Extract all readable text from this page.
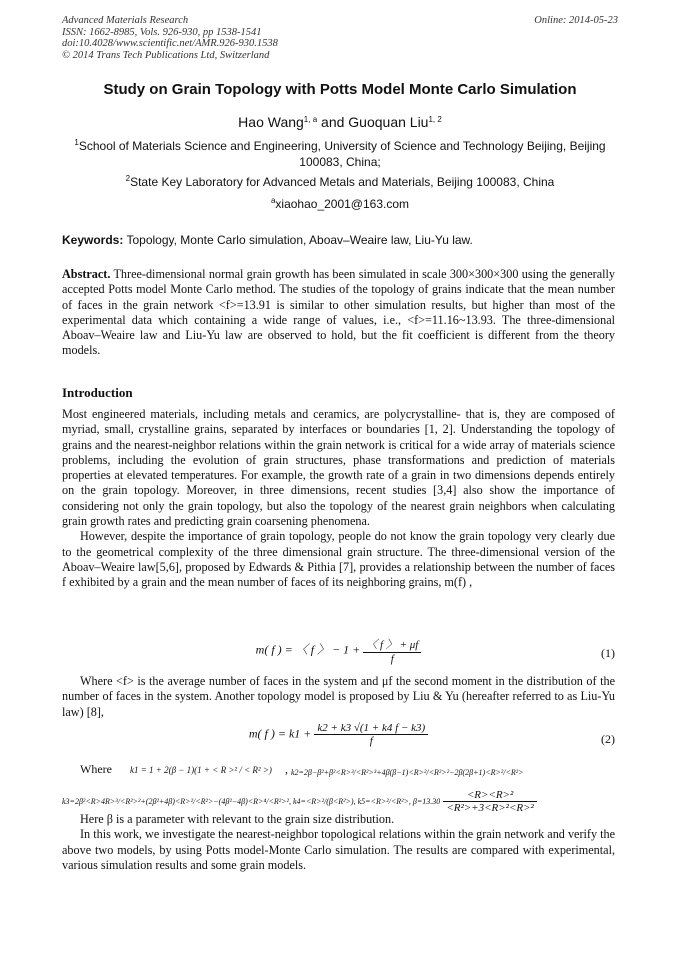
Advanced Materials Research
ISSN: 1662-8985, Vols. 926-930, pp 1538-1541
doi:10.4028/www.scientific.net/AMR.926-930.1538
© 2014 Trans Tech Publications Ltd, Switzerland
Online: 2014-05-23
Study on Grain Topology with Potts Model Monte Carlo Simulation
Hao Wang$^{1, a}$ and Guoquan Liu$^{1, 2}$
$^1$School of Materials Science and Engineering, University of Science and Technology Beijing, Beijing 100083, China;
$^2$State Key Laboratory for Advanced Metals and Materials, Beijing 100083, China
$^a$xiaohao_2001@163.com
Keywords: Topology, Monte Carlo simulation, Aboav–Weaire law, Liu-Yu law.

Abstract. Three-dimensional normal grain growth has been simulated in scale 300×300×300 using the generally accepted Potts model Monte Carlo method. The studies of the topology of grains indicate that the mean number of faces in the grain network <f>=13.91 is similar to other simulation results, but higher than most of the experimental data which containing a wide range of values, i.e., <f>=11.16~13.93. The three-dimensional Aboav–Weaire law and Liu-Yu law are observed to hold, but the fit coefficient is different from the theory models.

Introduction

Most engineered materials, including metals and ceramics, are polycrystalline- that is, they are composed of myriad, small, crystalline grains, separated by interfaces or boundaries [1, 2]. Understanding the topology of grains and the nearest-neighbor relations within the grain network is critical for a wide array of materials science problems, including the evolution of grain structures, phase transformations and prediction of materials properties at elevated temperatures. For example, the growth rate of a grain in two dimensions depends entirely on the grain topology. Moreover, in three dimensions, recent studies [3,4] also show the importance of considering not only the grain topology, but also the topology of the nearest grain neighbors when calculating grain growth rates and predicting grain coarsening phenomena.

However, despite the importance of grain topology, people do not know the grain topology very clearly due to the geometrical complexity of the three dimensional grain structure. The three-dimensional version of the Aboav–Weaire law[5,6], proposed by Edwards & Pithia [7], provides a relationship between the number of faces f exhibited by a grain and the mean number of faces of its neighboring grains, m(f) ,

m( f ) = 〈 f 〉 − $1 + \frac{〈 f 〉 + \mu f}{f}$	(1)

Where <f> is the average number of faces in the system and μf the second moment in the distribution of the number of faces in the system. Another topology model is proposed by Liu & Yu (hereafter referred to as Liu-Yu law) [8],

m( f ) = $k1 + \frac{k2 + k3 √(1 + k4 f - k3)}{f}$	(2)
Where k1 = 1 + 2(β − 1)(1 + < R >² / < R² >) , k2=2β−β²+β²<R>³/<R²>³+4β(β−1)<R>²/<R²>²−2β(2β+1)<R>²/<R²>
k3=2β²<R>4R>³/<R²>²+(2β²+4β)<R>²/<R²>−(4β²−4β)<R>⁴/<R²>², k4=<R>²/(β<R²>), k5=<R>²/<R²>, $\beta=13.30 \frac{\text{<R><R>²}}{\text{<R²>+3<R>²<R>²}}$

Here β is a parameter with relevant to the grain size distribution.

In this work, we investigate the nearest-neighbor topological relations within the grain network and verify the above two models, by using Potts model-Monte Carlo simulation. The results are compared with experimental, various simulation results and some grain models.
